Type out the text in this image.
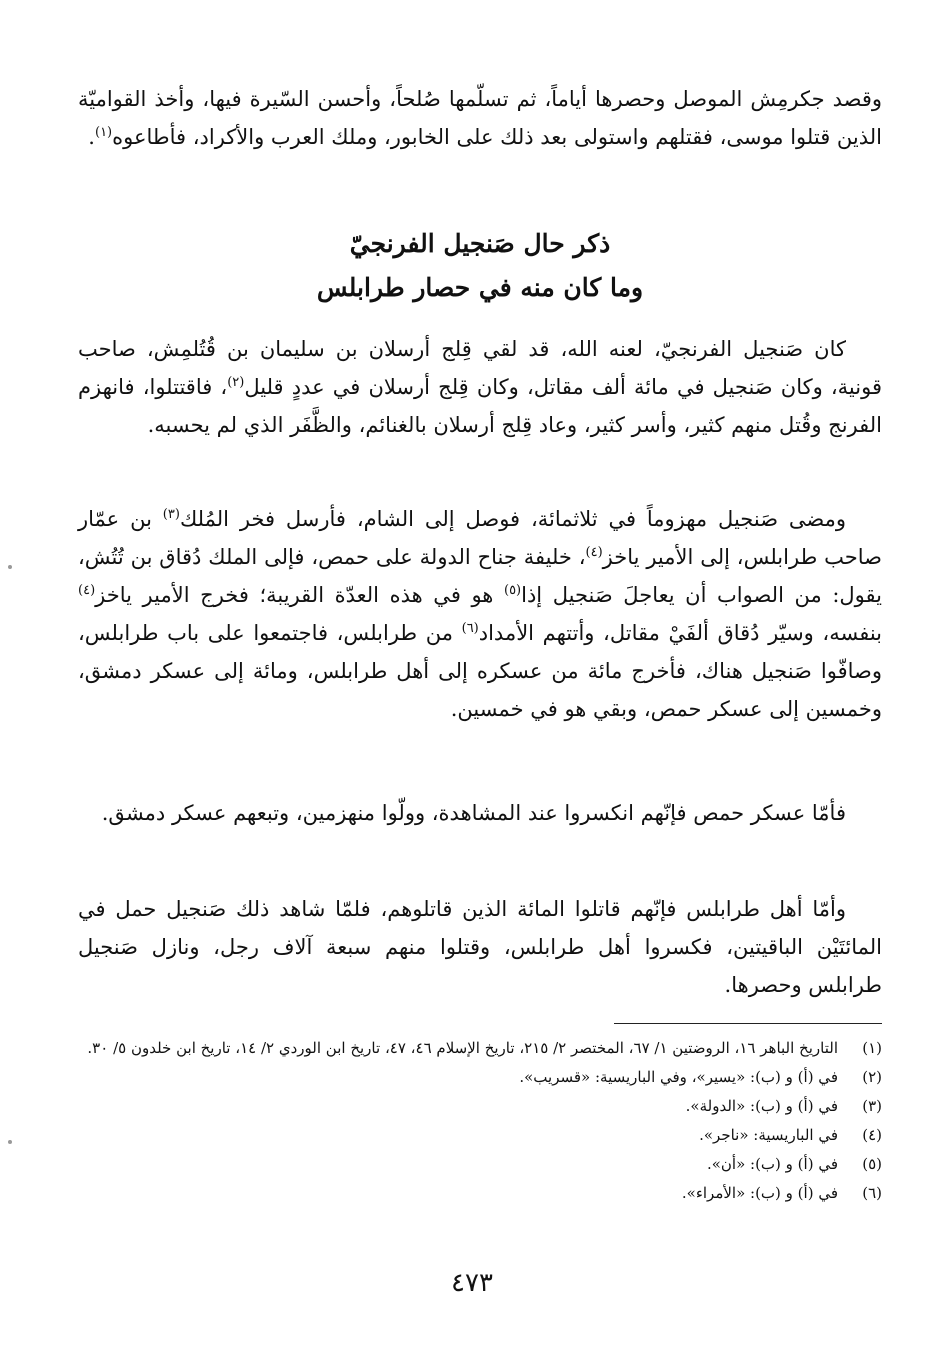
وقصد جكرمِش الموصل وحصرها أياماً، ثم تسلّمها صُلحاً، وأحسن السّيرة فيها، وأخذ القواميّة الذين قتلوا موسى، فقتلهم واستولى بعد ذلك على الخابور، وملك العرب والأكراد، فأطاعوه$^{(١)}$.

ذكر حال صَنجيل الفرنجيّ
وما كان منه في حصار طرابلس

كان صَنجيل الفرنجيّ، لعنه الله، قد لقي قِلج أرسلان بن سليمان بن قُتُلمِش، صاحب قونية، وكان صَنجيل في مائة ألف مقاتل، وكان قِلج أرسلان في عددٍ قليل$^{(٢)}$، فاقتتلوا، فانهزم الفرنج وقُتل منهم كثير، وأسر كثير، وعاد قِلج أرسلان بالغنائم، والظَّفَر الذي لم يحسبه.

ومضى صَنجيل مهزوماً في ثلاثمائة، فوصل إلى الشام، فأرسل فخر المُلك$^{(٣)}$ بن عمّار صاحب طرابلس، إلى الأمير ياخز$^{(٤)}$، خليفة جناح الدولة على حمص، فإلى الملك دُقاق بن تُتُش، يقول: من الصواب أن يعاجلَ صَنجيل إذا$^{(٥)}$ هو في هذه العدّة القريبة؛ فخرج الأمير ياخز$^{(٤)}$ بنفسه، وسيّر دُقاق ألفَيْ مقاتل، وأتتهم الأمداد$^{(٦)}$ من طرابلس، فاجتمعوا على باب طرابلس، وصافّوا صَنجيل هناك، فأخرج مائة من عسكره إلى أهل طرابلس، ومائة إلى عسكر دمشق، وخمسين إلى عسكر حمص، وبقي هو في خمسين.

فأمّا عسكر حمص فإنّهم انكسروا عند المشاهدة، وولّوا منهزمين، وتبعهم عسكر دمشق.

وأمّا أهل طرابلس فإنّهم قاتلوا المائة الذين قاتلوهم، فلمّا شاهد ذلك صَنجيل حمل في المائتَيْن الباقيتين، فكسروا أهل طرابلس، وقتلوا منهم سبعة آلاف رجل، ونازل صَنجيل طرابلس وحصرها.

(١)
التاريخ الباهر ١٦، الروضتين ١/ ٦٧، المختصر ٢/ ٢١٥، تاريخ الإسلام ٤٦، ٤٧، تاريخ ابن الوردي ٢/ ١٤، تاريخ ابن خلدون ٥/ ٣٠.
(٢)
في (أ) و (ب): «يسير»، وفي الباريسية: «قسريب».
(٣)
في (أ) و (ب): «الدولة».
(٤)
في الباريسية: «ناجر».
(٥)
في (أ) و (ب): «أن».
(٦)
في (أ) و (ب): «الأمراء».
٤٧٣
